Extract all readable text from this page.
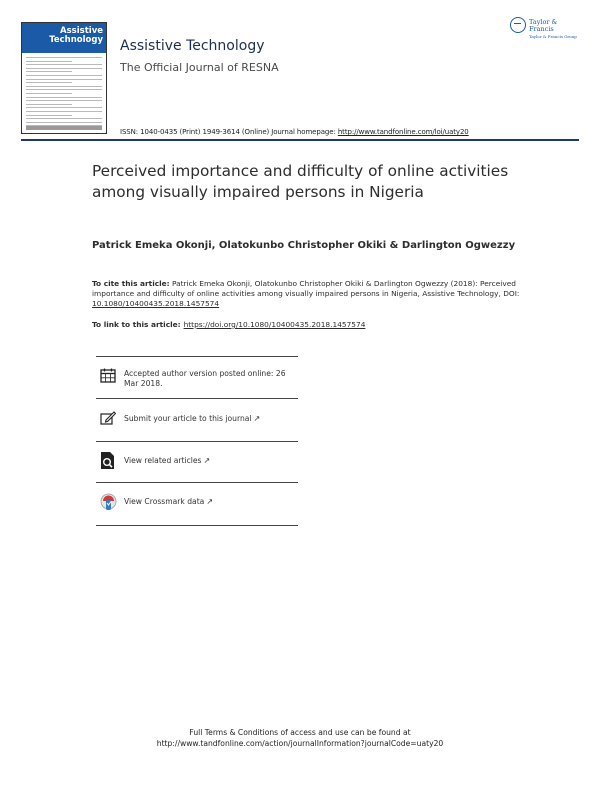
Assistive
Technology Assistive Technology
The Official Journal of RESNA
ISSN: 1040-0435 (Print) 1949-3614 (Online) Journal homepage: http://www.tandfonline.com/loi/uaty20
Taylor & Francis
Taylor & Francis Group
Perceived importance and difficulty of online activities among visually impaired persons in Nigeria
Patrick Emeka Okonji, Olatokunbo Christopher Okiki & Darlington Ogwezzy
To cite this article: Patrick Emeka Okonji, Olatokunbo Christopher Okiki & Darlington Ogwezzy (2018): Perceived importance and difficulty of online activities among visually impaired persons in Nigeria, Assistive Technology, DOI: 10.1080/10400435.2018.1457574
To link to this article: https://doi.org/10.1080/10400435.2018.1457574
Accepted author version posted online: 26 Mar 2018.
Submit your article to this journal ↗
View related articles ↗
View Crossmark data ↗
Full Terms & Conditions of access and use can be found at
http://www.tandfonline.com/action/journalInformation?journalCode=uaty20
